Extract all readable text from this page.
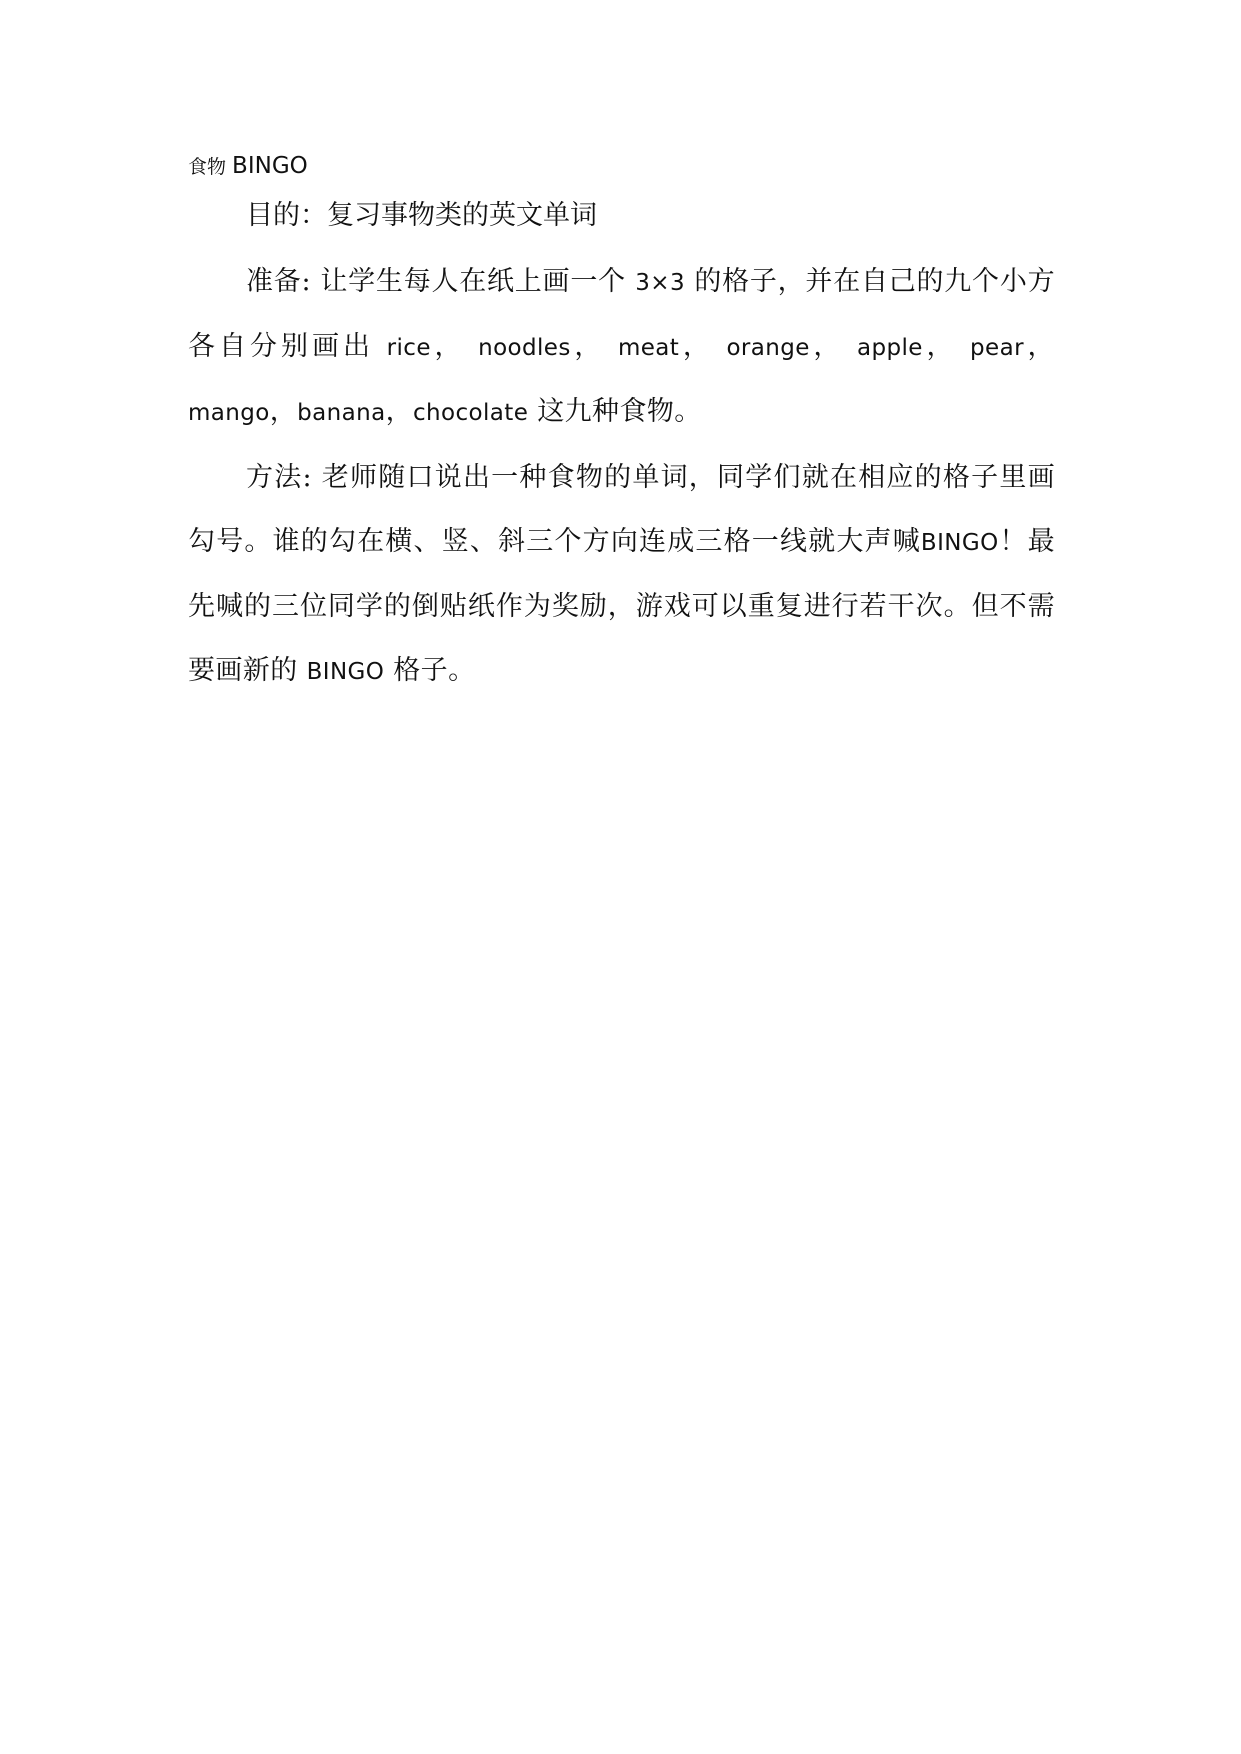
食物 BINGO

目的：复习事物类的英文单词

准备: 让学生每人在纸上画一个 3×3 的格子，并在自己的九个小方各自分别画出 rice， noodles， meat， orange， apple， pear， mango，banana，chocolate 这九种食物。

方法: 老师随口说出一种食物的单词，同学们就在相应的格子里画勾号。谁的勾在横、竖、斜三个方向连成三格一线就大声喊BINGO！最先喊的三位同学的倒贴纸作为奖励，游戏可以重复进行若干次。但不需要画新的 BINGO 格子。
